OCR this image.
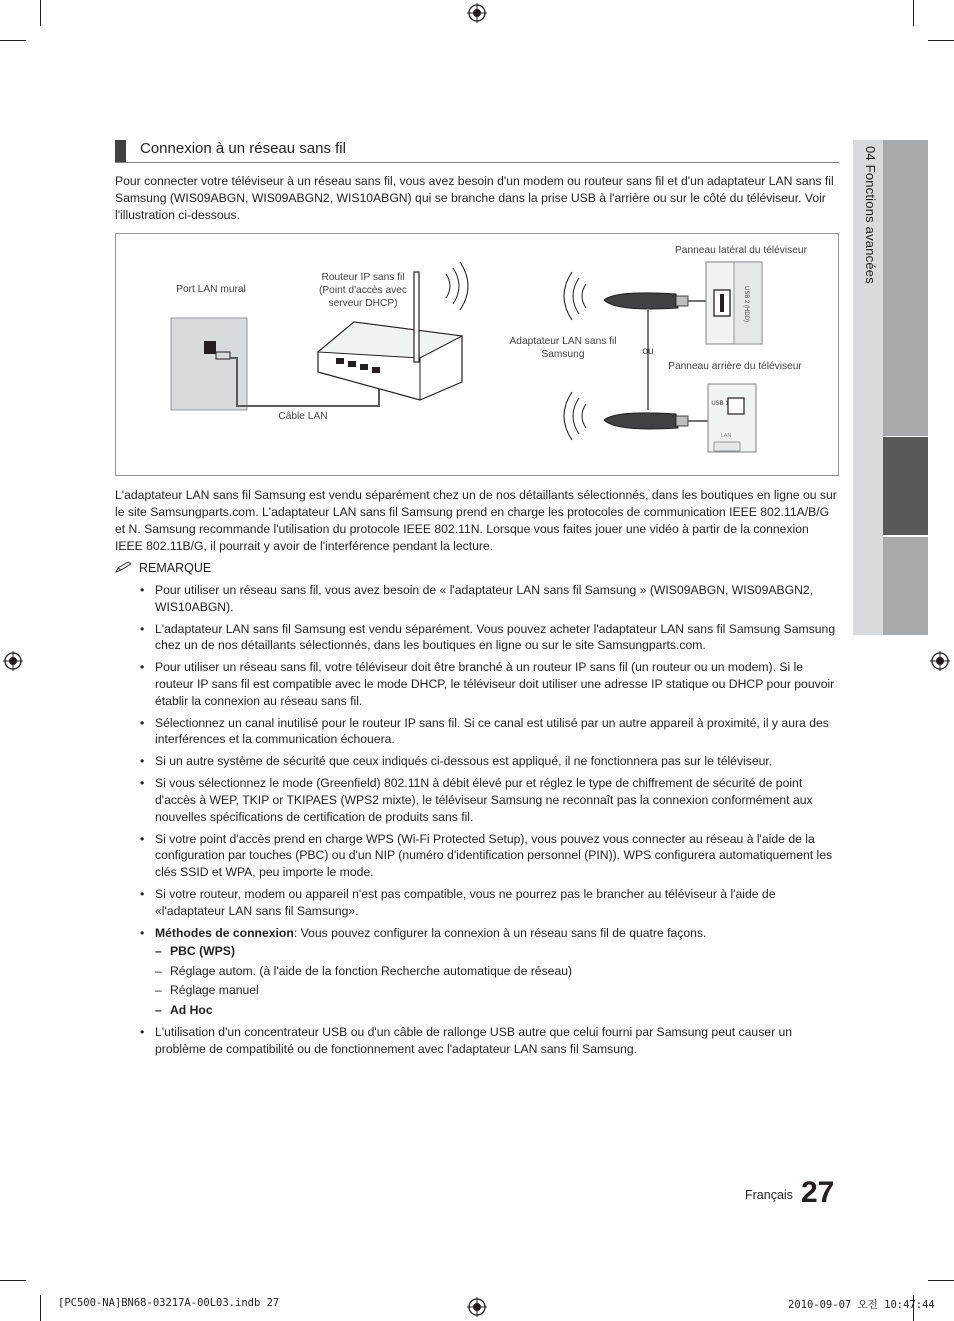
04 Fonctions avancées
Connexion à un réseau sans fil
Pour connecter votre téléviseur à un réseau sans fil, vous avez besoin d'un modem ou routeur sans fil et d'un adaptateur LAN sans fil Samsung (WIS09ABGN, WIS09ABGN2, WIS10ABGN) qui se branche dans la prise USB à l'arrière ou sur le côté du téléviseur. Voir l'illustration ci-dessous.
Port LAN mural
Routeur IP sans fil (Point d'accès avec serveur DHCP)
Câble LAN
Adaptateur LAN sans fil Samsung	ou
Panneau latéral du téléviseur
Panneau arrière du téléviseur
USB 2 (HDD)
USB 1
LAN
L'adaptateur LAN sans fil Samsung est vendu séparément chez un de nos détaillants sélectionnés, dans les boutiques en ligne ou sur le site Samsungparts.com. L'adaptateur LAN sans fil Samsung prend en charge les protocoles de communication IEEE 802.11A/B/G et N. Samsung recommande l'utilisation du protocole IEEE 802.11N. Lorsque vous faites jouer une vidéo à partir de la connexion IEEE 802.11B/G, il pourrait y avoir de l'interférence pendant la lecture.
REMARQUE
• Pour utiliser un réseau sans fil, vous avez besoin de « l'adaptateur LAN sans fil Samsung » (WIS09ABGN, WIS09ABGN2, WIS10ABGN).
• L'adaptateur LAN sans fil Samsung est vendu séparément. Vous pouvez acheter l'adaptateur LAN sans fil Samsung Samsung chez un de nos détaillants sélectionnés, dans les boutiques en ligne ou sur le site Samsungparts.com.
• Pour utiliser un réseau sans fil, votre téléviseur doit être branché à un routeur IP sans fil (un routeur ou un modem). Si le routeur IP sans fil est compatible avec le mode DHCP, le téléviseur doit utiliser une adresse IP statique ou DHCP pour pouvoir établir la connexion au réseau sans fil.
• Sélectionnez un canal inutilisé pour le routeur IP sans fil. Si ce canal est utilisé par un autre appareil à proximité, il y aura des interférences et la communication échouera.
• Si un autre système de sécurité que ceux indiqués ci-dessous est appliqué, il ne fonctionnera pas sur le téléviseur.
• Si vous sélectionnez le mode (Greenfield) 802.11N à débit élevé pur et réglez le type de chiffrement de sécurité de point d'accès à WEP, TKIP or TKIPAES (WPS2 mixte), le téléviseur Samsung ne reconnaît pas la connexion conformément aux nouvelles spécifications de certification de produits sans fil.
• Si votre point d'accès prend en charge WPS (Wi-Fi Protected Setup), vous pouvez vous connecter au réseau à l'aide de la configuration par touches (PBC) ou d'un NIP (numéro d'identification personnel (PIN)). WPS configurera automatiquement les clés SSID et WPA, peu importe le mode.
• Si votre routeur, modem ou appareil n'est pas compatible, vous ne pourrez pas le brancher au téléviseur à l'aide de «l'adaptateur LAN sans fil Samsung».
• Méthodes de connexion: Vous pouvez configurer la connexion à un réseau sans fil de quatre façons.
– PBC (WPS)
– Réglage autom. (à l'aide de la fonction Recherche automatique de réseau)
– Réglage manuel
– Ad Hoc
• L'utilisation d'un concentrateur USB ou d'un câble de rallonge USB autre que celui fourni par Samsung peut causer un problème de compatibilité ou de fonctionnement avec l'adaptateur LAN sans fil Samsung.
Français 27
[PC500-NA]BN68-03217A-00L03.indb 27	2010-09-07 오전 10:47:44
